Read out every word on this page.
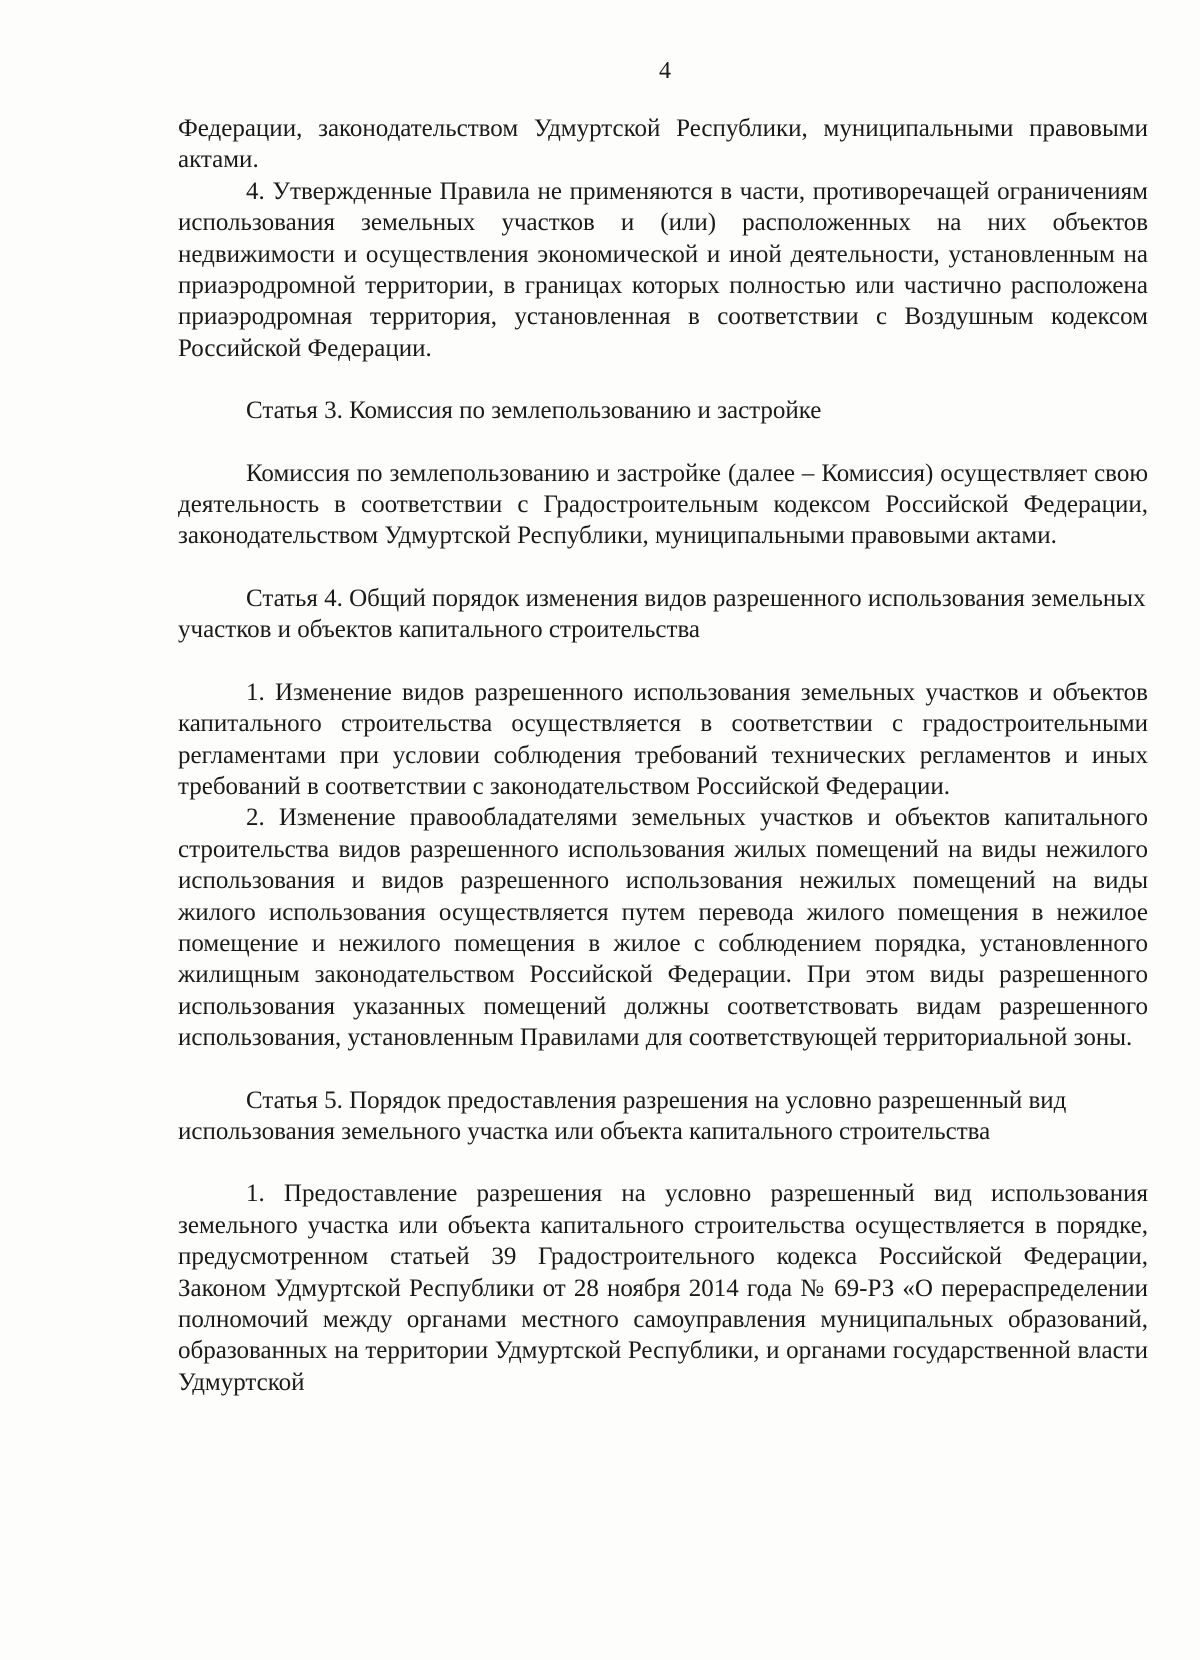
4

Федерации, законодательством Удмуртской Республики, муниципальными правовыми актами.

4. Утвержденные Правила не применяются в части, противоречащей ограничениям использования земельных участков и (или) расположенных на них объектов недвижимости и осуществления экономической и иной деятельности, установленным на приаэродромной территории, в границах которых полностью или частично расположена приаэродромная территория, установленная в соответствии с Воздушным кодексом Российской Федерации.

Статья 3. Комиссия по землепользованию и застройке

Комиссия по землепользованию и застройке (далее – Комиссия) осуществляет свою деятельность в соответствии с Градостроительным кодексом Российской Федерации, законодательством Удмуртской Республики, муниципальными правовыми актами.

Статья 4. Общий порядок изменения видов разрешенного использования земельных участков и объектов капитального строительства

1. Изменение видов разрешенного использования земельных участков и объектов капитального строительства осуществляется в соответствии с градостроительными регламентами при условии соблюдения требований технических регламентов и иных требований в соответствии с законодательством Российской Федерации.

2. Изменение правообладателями земельных участков и объектов капитального строительства видов разрешенного использования жилых помещений на виды нежилого использования и видов разрешенного использования нежилых помещений на виды жилого использования осуществляется путем перевода жилого помещения в нежилое помещение и нежилого помещения в жилое с соблюдением порядка, установленного жилищным законодательством Российской Федерации. При этом виды разрешенного использования указанных помещений должны соответствовать видам разрешенного использования, установленным Правилами для соответствующей территориальной зоны.

Статья 5. Порядок предоставления разрешения на условно разрешенный вид использования земельного участка или объекта капитального строительства

1. Предоставление разрешения на условно разрешенный вид использования земельного участка или объекта капитального строительства осуществляется в порядке, предусмотренном статьей 39 Градостроительного кодекса Российской Федерации, Законом Удмуртской Республики от 28 ноября 2014 года № 69-РЗ «О перераспределении полномочий между органами местного самоуправления муниципальных образований, образованных на территории Удмуртской Республики, и органами государственной власти Удмуртской
